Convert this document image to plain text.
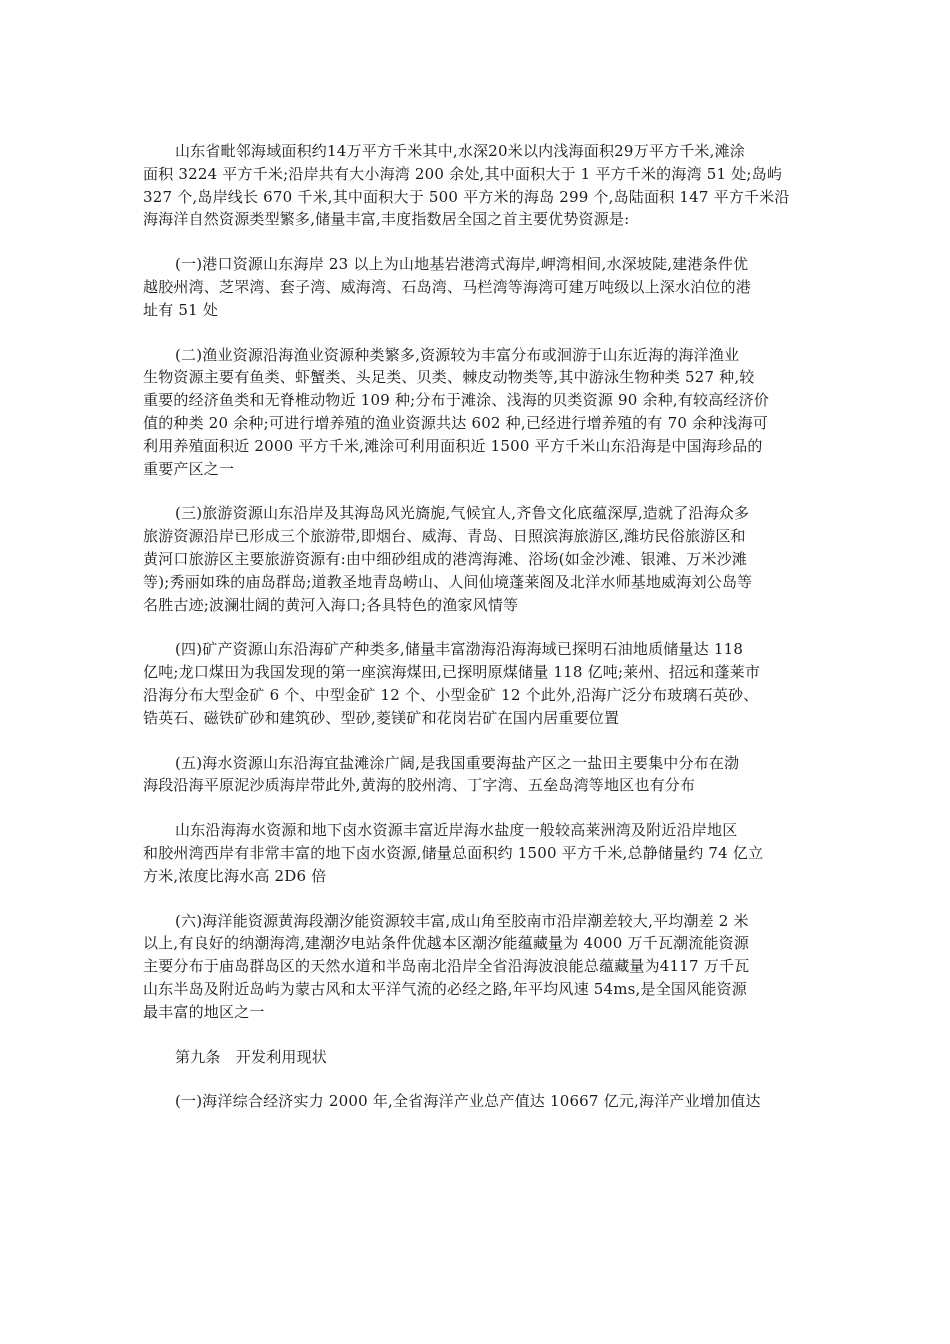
山东省毗邻海域面积约14万平方千米其中,水深20米以内浅海面积29万平方千米,滩涂
面积 3224 平方千米;沿岸共有大小海湾 200 余处,其中面积大于 1 平方千米的海湾 51 处;岛屿
327 个,岛岸线长 670 千米,其中面积大于 500 平方米的海岛 299 个,岛陆面积 147 平方千米沿
海海洋自然资源类型繁多,储量丰富,丰度指数居全国之首主要优势资源是:

(一)港口资源山东海岸 23 以上为山地基岩港湾式海岸,岬湾相间,水深坡陡,建港条件优
越胶州湾、芝罘湾、套子湾、威海湾、石岛湾、马栏湾等海湾可建万吨级以上深水泊位的港
址有 51 处

(二)渔业资源沿海渔业资源种类繁多,资源较为丰富分布或洄游于山东近海的海洋渔业
生物资源主要有鱼类、虾蟹类、头足类、贝类、棘皮动物类等,其中游泳生物种类 527 种,较
重要的经济鱼类和无脊椎动物近 109 种;分布于滩涂、浅海的贝类资源 90 余种,有较高经济价
值的种类 20 余种;可进行增养殖的渔业资源共达 602 种,已经进行增养殖的有 70 余种浅海可
利用养殖面积近 2000 平方千米,滩涂可利用面积近 1500 平方千米山东沿海是中国海珍品的
重要产区之一

(三)旅游资源山东沿岸及其海岛风光旖旎,气候宜人,齐鲁文化底蕴深厚,造就了沿海众多
旅游资源沿岸已形成三个旅游带,即烟台、威海、青岛、日照滨海旅游区,潍坊民俗旅游区和
黄河口旅游区主要旅游资源有:由中细砂组成的港湾海滩、浴场(如金沙滩、银滩、万米沙滩
等);秀丽如珠的庙岛群岛;道教圣地青岛崂山、人间仙境蓬莱阁及北洋水师基地威海刘公岛等
名胜古迹;波澜壮阔的黄河入海口;各具特色的渔家风情等

(四)矿产资源山东沿海矿产种类多,储量丰富渤海沿海海域已探明石油地质储量达 118
亿吨;龙口煤田为我国发现的第一座滨海煤田,已探明原煤储量 118 亿吨;莱州、招远和蓬莱市
沿海分布大型金矿 6 个、中型金矿 12 个、小型金矿 12 个此外,沿海广泛分布玻璃石英砂、
锆英石、磁铁矿砂和建筑砂、型砂,菱镁矿和花岗岩矿在国内居重要位置

(五)海水资源山东沿海宜盐滩涂广阔,是我国重要海盐产区之一盐田主要集中分布在渤
海段沿海平原泥沙质海岸带此外,黄海的胶州湾、丁字湾、五垒岛湾等地区也有分布

山东沿海海水资源和地下卤水资源丰富近岸海水盐度一般较高莱洲湾及附近沿岸地区
和胶州湾西岸有非常丰富的地下卤水资源,储量总面积约 1500 平方千米,总静储量约 74 亿立
方米,浓度比海水高 2D6 倍

(六)海洋能资源黄海段潮汐能资源较丰富,成山角至胶南市沿岸潮差较大,平均潮差 2 米
以上,有良好的纳潮海湾,建潮汐电站条件优越本区潮汐能蕴藏量为 4000 万千瓦潮流能资源
主要分布于庙岛群岛区的天然水道和半岛南北沿岸全省沿海波浪能总蕴藏量为4117 万千瓦
山东半岛及附近岛屿为蒙古风和太平洋气流的必经之路,年平均风速 54ms,是全国风能资源
最丰富的地区之一

第九条　开发利用现状

(一)海洋综合经济实力 2000 年,全省海洋产业总产值达 10667 亿元,海洋产业增加值达
